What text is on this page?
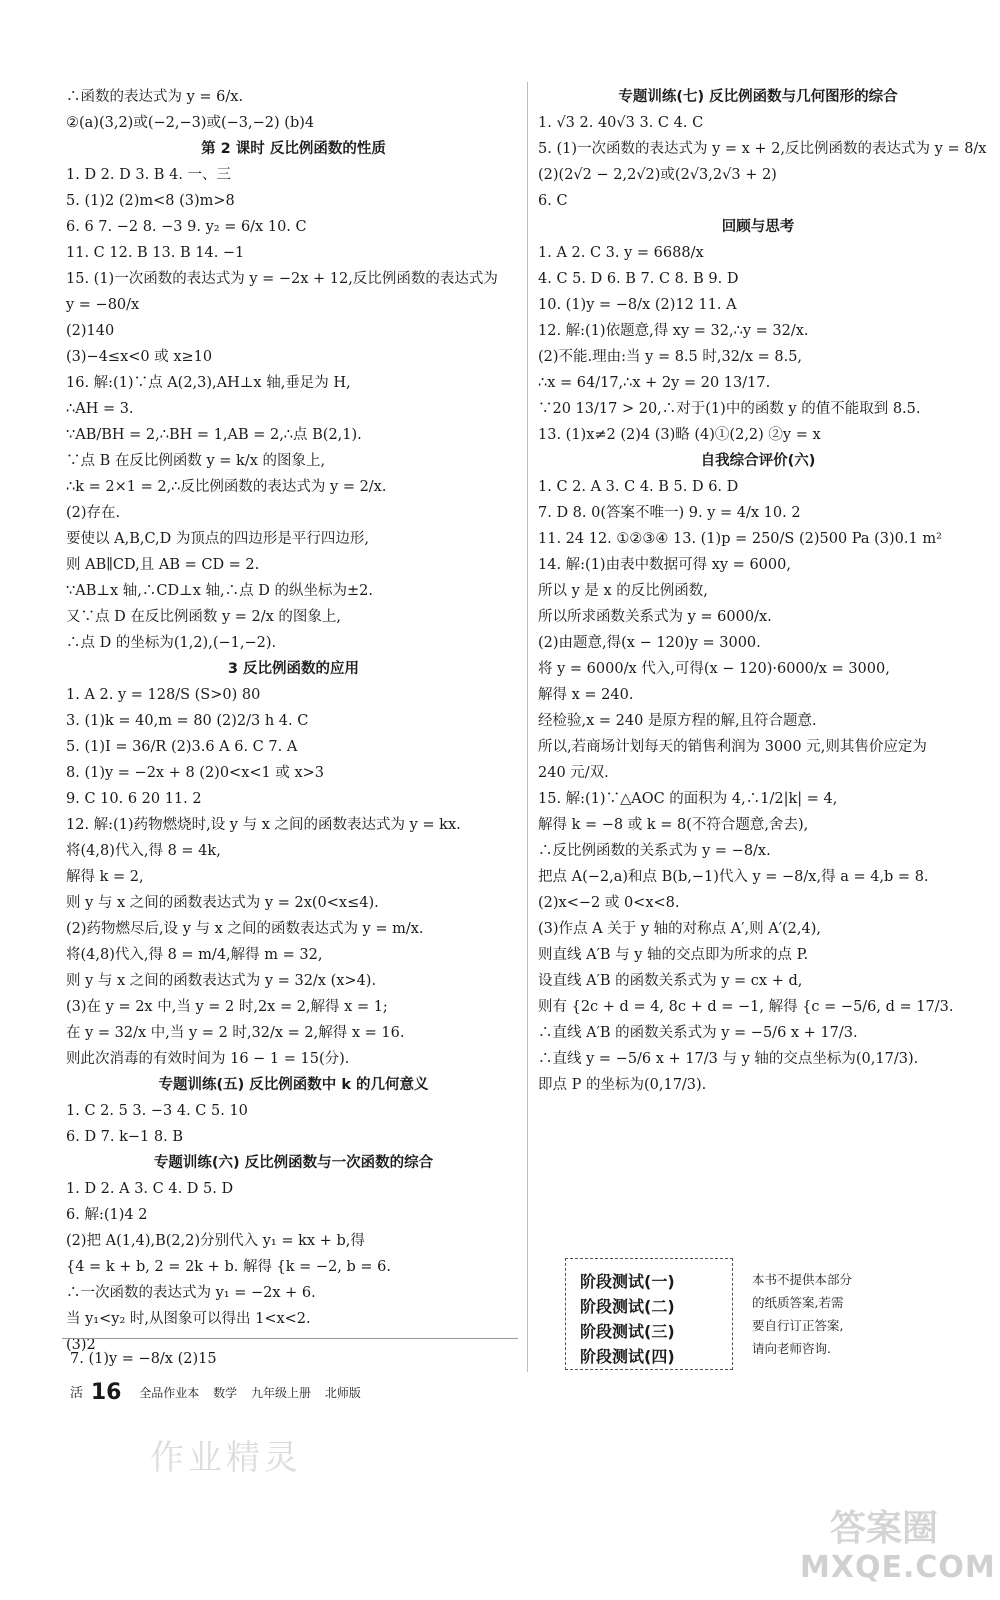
∴函数的表达式为 y = 6/x.
②(a)(3,2)或(−2,−3)或(−3,−2) (b)4
第 2 课时 反比例函数的性质
1. D 2. D 3. B 4. 一、三
5. (1)2 (2)m<8 (3)m>8
6. 6 7. −2 8. −3 9. y₂ = 6/x 10. C
11. C 12. B 13. B 14. −1
15. (1)一次函数的表达式为 y = −2x + 12,反比例函数的表达式为
y = −80/x
(2)140
(3)−4≤x<0 或 x≥10
16. 解:(1)∵点 A(2,3),AH⊥x 轴,垂足为 H,
∴AH = 3.
∵AB/BH = 2,∴BH = 1,AB = 2,∴点 B(2,1).
∵点 B 在反比例函数 y = k/x 的图象上,
∴k = 2×1 = 2,∴反比例函数的表达式为 y = 2/x.
(2)存在.
要使以 A,B,C,D 为顶点的四边形是平行四边形,
则 AB∥CD,且 AB = CD = 2.
∵AB⊥x 轴,∴CD⊥x 轴,∴点 D 的纵坐标为±2.
又∵点 D 在反比例函数 y = 2/x 的图象上,
∴点 D 的坐标为(1,2),(−1,−2).
3 反比例函数的应用
1. A 2. y = 128/S (S>0) 80
3. (1)k = 40,m = 80 (2)2/3 h 4. C
5. (1)I = 36/R (2)3.6 A 6. C 7. A
8. (1)y = −2x + 8 (2)0<x<1 或 x>3
9. C 10. 6 20 11. 2
12. 解:(1)药物燃烧时,设 y 与 x 之间的函数表达式为 y = kx.
将(4,8)代入,得 8 = 4k,
解得 k = 2,
则 y 与 x 之间的函数表达式为 y = 2x(0<x≤4).
(2)药物燃尽后,设 y 与 x 之间的函数表达式为 y = m/x.
将(4,8)代入,得 8 = m/4,解得 m = 32,
则 y 与 x 之间的函数表达式为 y = 32/x (x>4).
(3)在 y = 2x 中,当 y = 2 时,2x = 2,解得 x = 1;
在 y = 32/x 中,当 y = 2 时,32/x = 2,解得 x = 16.
则此次消毒的有效时间为 16 − 1 = 15(分).
专题训练(五) 反比例函数中 k 的几何意义
1. C 2. 5 3. −3 4. C 5. 10
6. D 7. k−1 8. B
专题训练(六) 反比例函数与一次函数的综合
1. D 2. A 3. C 4. D 5. D
6. 解:(1)4 2
(2)把 A(1,4),B(2,2)分别代入 y₁ = kx + b,得
{4 = k + b, 2 = 2k + b. 解得 {k = −2, b = 6.
∴一次函数的表达式为 y₁ = −2x + 6.
当 y₁<y₂ 时,从图象可以得出 1<x<2.
(3)2
专题训练(七) 反比例函数与几何图形的综合
1. √3 2. 40√3 3. C 4. C
5. (1)一次函数的表达式为 y = x + 2,反比例函数的表达式为 y = 8/x
(2)(2√2 − 2,2√2)或(2√3,2√3 + 2)
6. C
回顾与思考
1. A 2. C 3. y = 6688/x
4. C 5. D 6. B 7. C 8. B 9. D
10. (1)y = −8/x (2)12 11. A
12. 解:(1)依题意,得 xy = 32,∴y = 32/x.
(2)不能.理由:当 y = 8.5 时,32/x = 8.5,
∴x = 64/17,∴x + 2y = 20 13/17.
∵20 13/17 > 20,∴对于(1)中的函数 y 的值不能取到 8.5.
13. (1)x≠2 (2)4 (3)略 (4)①(2,2) ②y = x
自我综合评价(六)
1. C 2. A 3. C 4. B 5. D 6. D
7. D 8. 0(答案不唯一) 9. y = 4/x 10. 2
11. 24 12. ①②③④ 13. (1)p = 250/S (2)500 Pa (3)0.1 m²
14. 解:(1)由表中数据可得 xy = 6000,
所以 y 是 x 的反比例函数,
所以所求函数关系式为 y = 6000/x.
(2)由题意,得(x − 120)y = 3000.
将 y = 6000/x 代入,可得(x − 120)·6000/x = 3000,
解得 x = 240.
经检验,x = 240 是原方程的解,且符合题意.
所以,若商场计划每天的销售利润为 3000 元,则其售价应定为
240 元/双.
15. 解:(1)∵△AOC 的面积为 4,∴1/2|k| = 4,
解得 k = −8 或 k = 8(不符合题意,舍去),
∴反比例函数的关系式为 y = −8/x.
把点 A(−2,a)和点 B(b,−1)代入 y = −8/x,得 a = 4,b = 8.
(2)x<−2 或 0<x<8.
(3)作点 A 关于 y 轴的对称点 A′,则 A′(2,4),
则直线 A′B 与 y 轴的交点即为所求的点 P.
设直线 A′B 的函数关系式为 y = cx + d,
则有 {2c + d = 4, 8c + d = −1, 解得 {c = −5/6, d = 17/3.
∴直线 A′B 的函数关系式为 y = −5/6 x + 17/3.
∴直线 y = −5/6 x + 17/3 与 y 轴的交点坐标为(0,17/3).
即点 P 的坐标为(0,17/3).
阶段测试(一)
阶段测试(二)
阶段测试(三)
阶段测试(四)
本书不提供本部分
的纸质答案,若需
要自行订正答案,
请向老师咨询.
7. (1)y = −8/x (2)15
活 16 全品作业本 数学 九年级上册 北师版
作业精灵
答案圈
MXQE.COM
